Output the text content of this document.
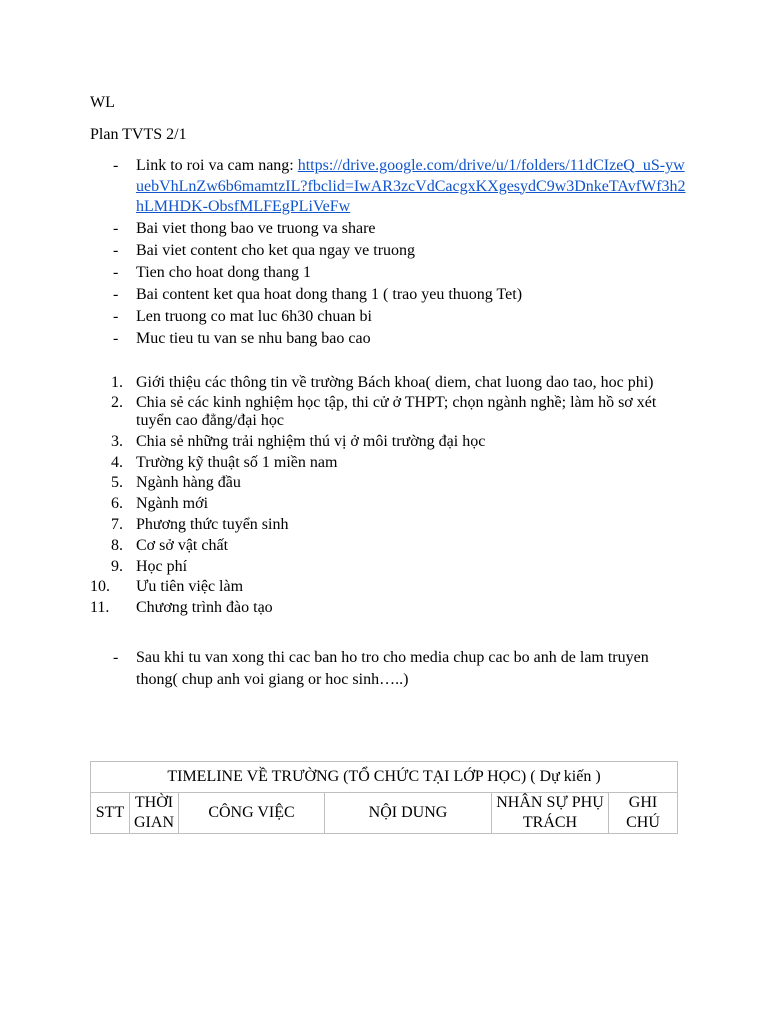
WL

Plan TVTS 2/1

- Link to roi va cam nang: https://drive.google.com/drive/u/1/folders/11dCIzeQ_uS-ywuebVhLnZw6b6mamtzIL?fbclid=IwAR3zcVdCacgxKXgesydC9w3DnkeTAvfWf3h2hLMHDK-ObsfMLFEgPLiVeFw
- Bai viet thong bao ve truong va share
- Bai viet content cho ket qua ngay ve truong
- Tien cho hoat dong thang 1
- Bai content ket qua hoat dong thang 1 ( trao yeu thuong Tet)
- Len truong co mat luc 6h30 chuan bi
- Muc tieu tu van se nhu bang bao cao
1. Giới thiệu các thông tin về trường Bách khoa( diem, chat luong dao tao, hoc phi)
2. Chia sẻ các kinh nghiệm học tập, thi cử ở THPT; chọn ngành nghề; làm hồ sơ xét tuyển cao đẳng/đại học
3. Chia sẻ những trải nghiệm thú vị ở môi trường đại học
4. Trường kỹ thuật số 1 miền nam
5. Ngành hàng đầu
6. Ngành mới
7. Phương thức tuyển sinh
8. Cơ sở vật chất
9. Học phí
10. Ưu tiên việc làm
11. Chương trình đào tạo
- Sau khi tu van xong thi cac ban ho tro cho media chup cac bo anh de lam truyen thong( chup anh voi giang or hoc sinh…..)
TIMELINE VỀ TRƯỜNG (TỔ CHỨC TẠI LỚP HỌC) ( Dự kiến )
STT	THỜI GIAN	CÔNG VIỆC	NỘI DUNG	NHÂN SỰ PHỤ TRÁCH	GHI CHÚ
